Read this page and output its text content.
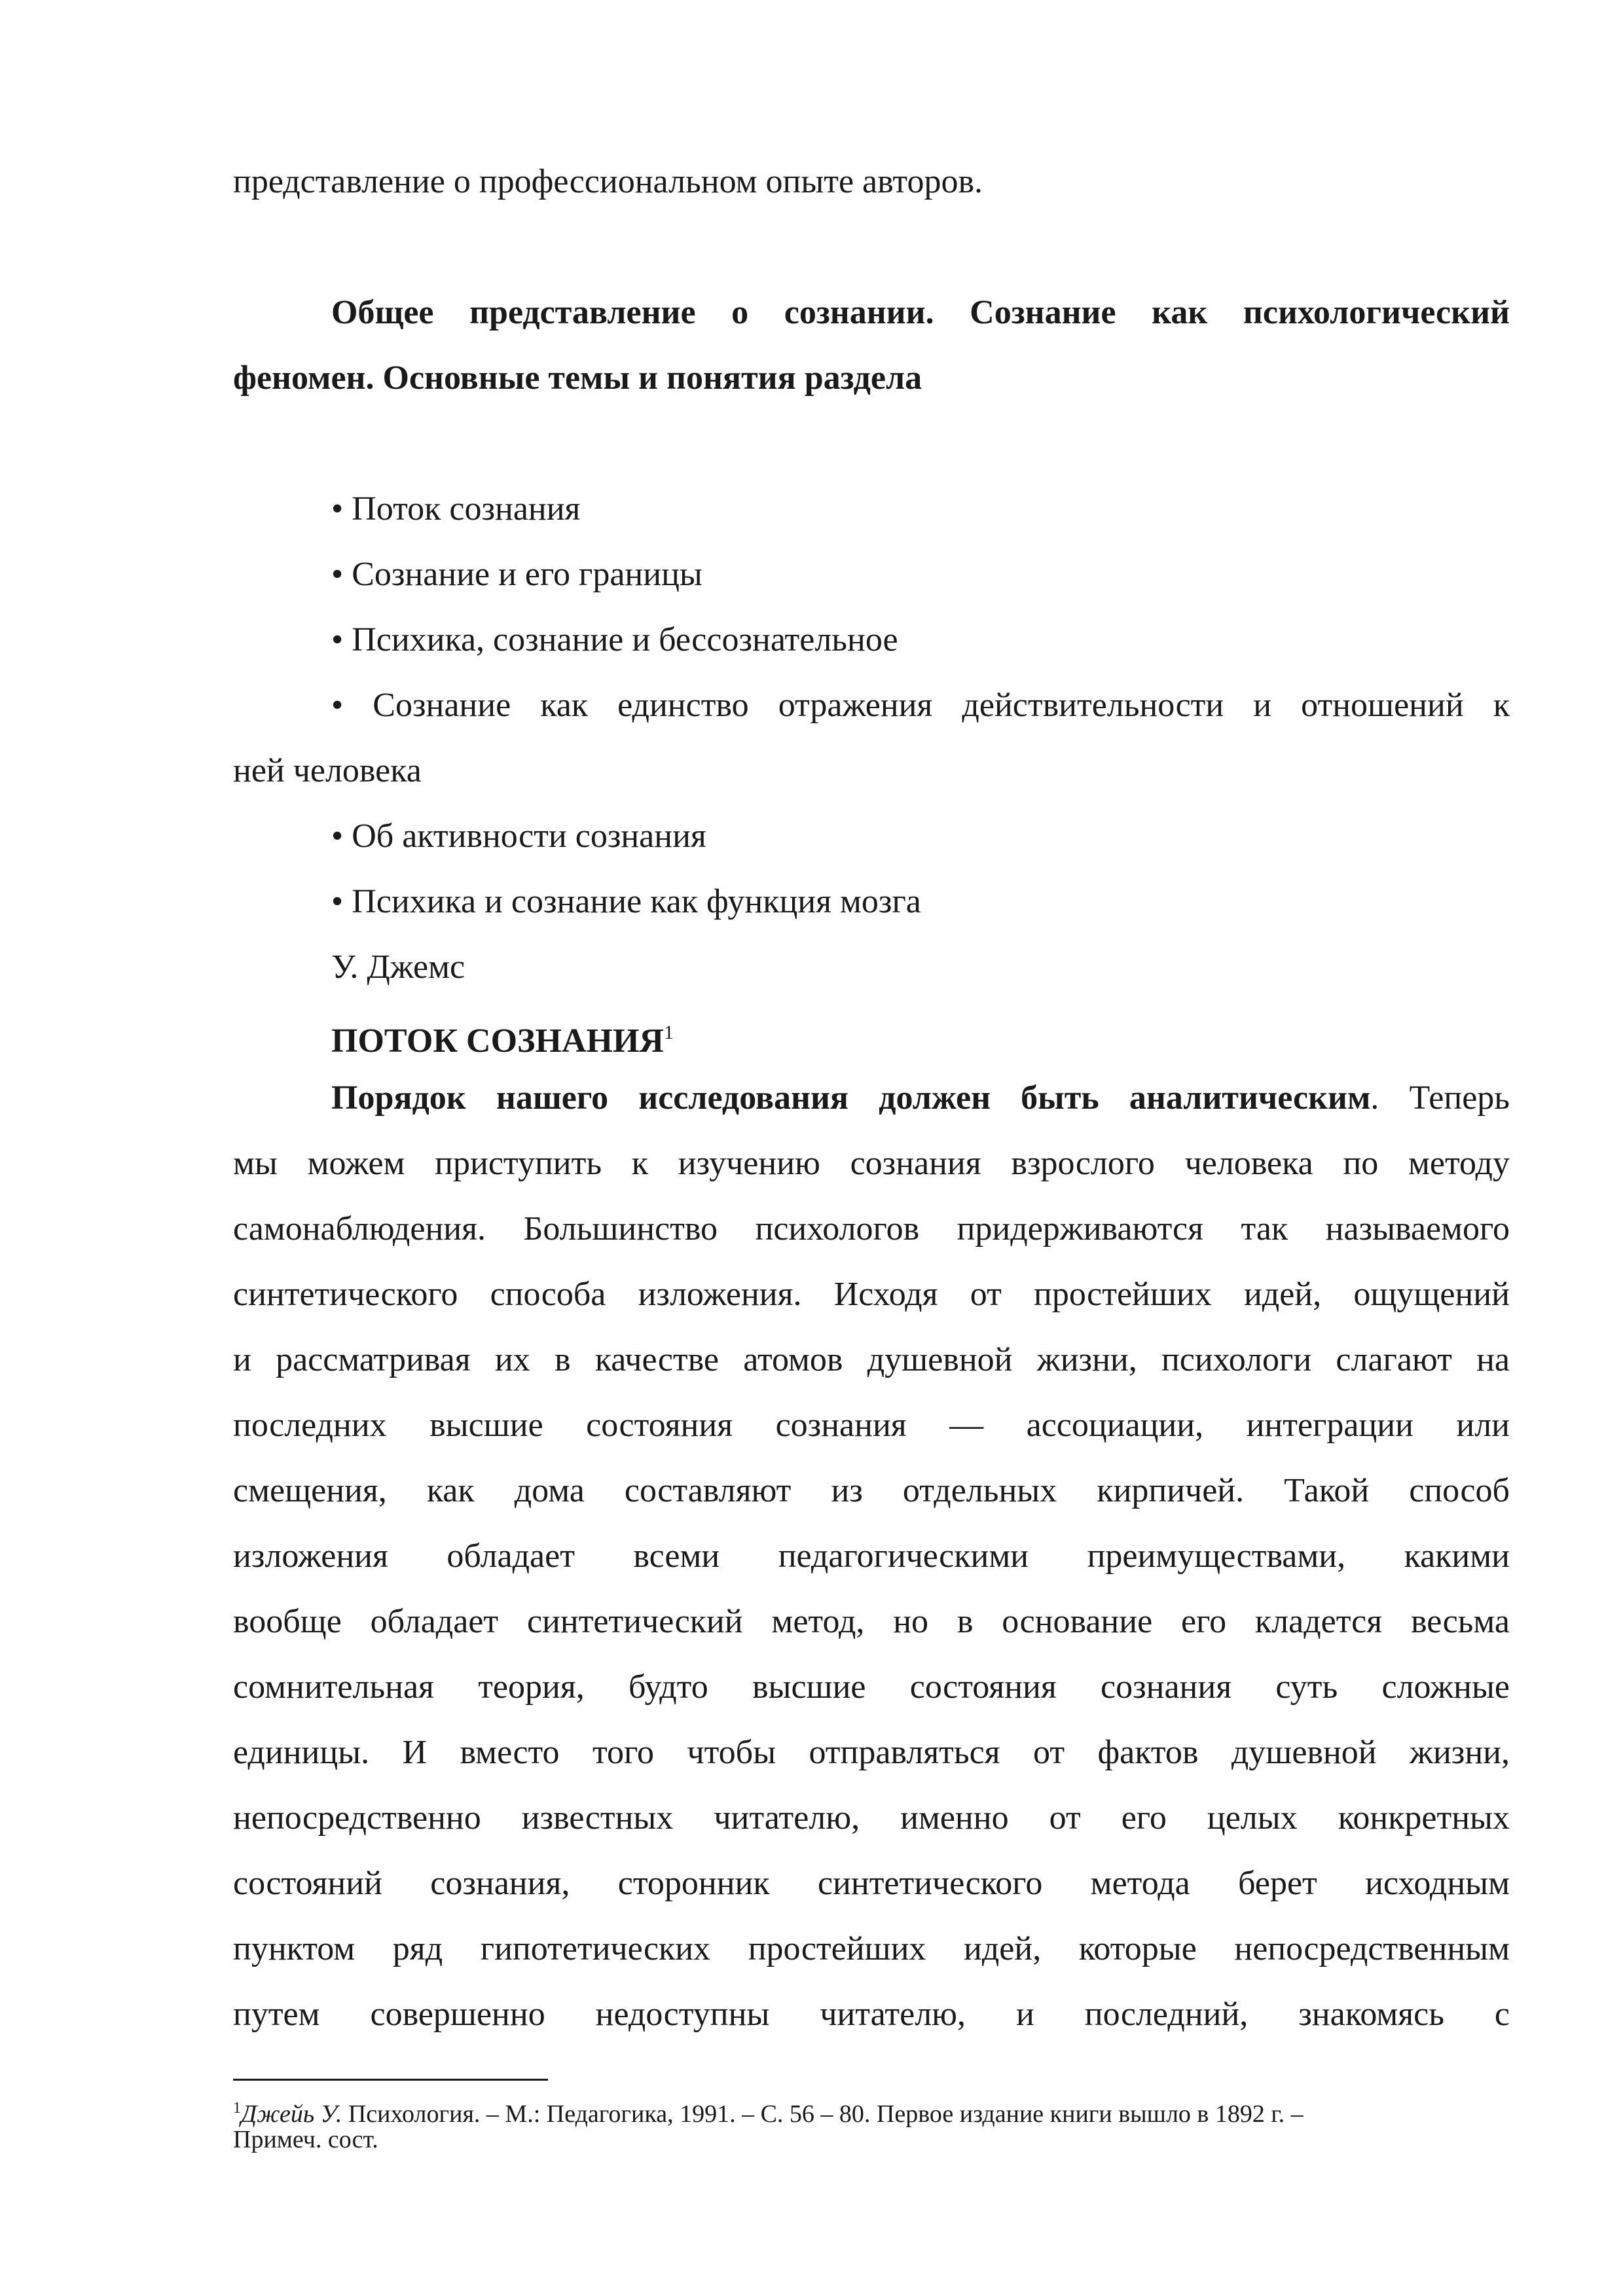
представление о профессиональном опыте авторов.
Общее представление о сознании. Сознание как психологический
феномен. Основные темы и понятия раздела
• Поток сознания
• Сознание и его границы
• Психика, сознание и бессознательное
• Сознание как единство отражения действительности и отношений к
ней человека
• Об активности сознания
• Психика и сознание как функция мозга
У. Джемс
ПОТОК СОЗНАНИЯ$^1$
Порядок нашего исследования должен быть аналитическим. Теперь
мы можем приступить к изучению сознания взрослого человека по методу
самонаблюдения. Большинство психологов придерживаются так называемого
синтетического способа изложения. Исходя от простейших идей, ощущений
и рассматривая их в качестве атомов душевной жизни, психологи слагают на
последних высшие состояния сознания — ассоциации, интеграции или
смещения, как дома составляют из отдельных кирпичей. Такой способ
изложения обладает всеми педагогическими преимуществами, какими
вообще обладает синтетический метод, но в основание его кладется весьма
сомнительная теория, будто высшие состояния сознания суть сложные
единицы. И вместо того чтобы отправляться от фактов душевной жизни,
непосредственно известных читателю, именно от его целых конкретных
состояний сознания, сторонник синтетического метода берет исходным
пунктом ряд гипотетических простейших идей, которые непосредственным
путем совершенно недоступны читателю, и последний, знакомясь с
$^1$Джейь У. Психология. – М.: Педагогика, 1991. – С. 56 – 80. Первое издание книги вышло в 1892 г. –
Примеч. сост.
